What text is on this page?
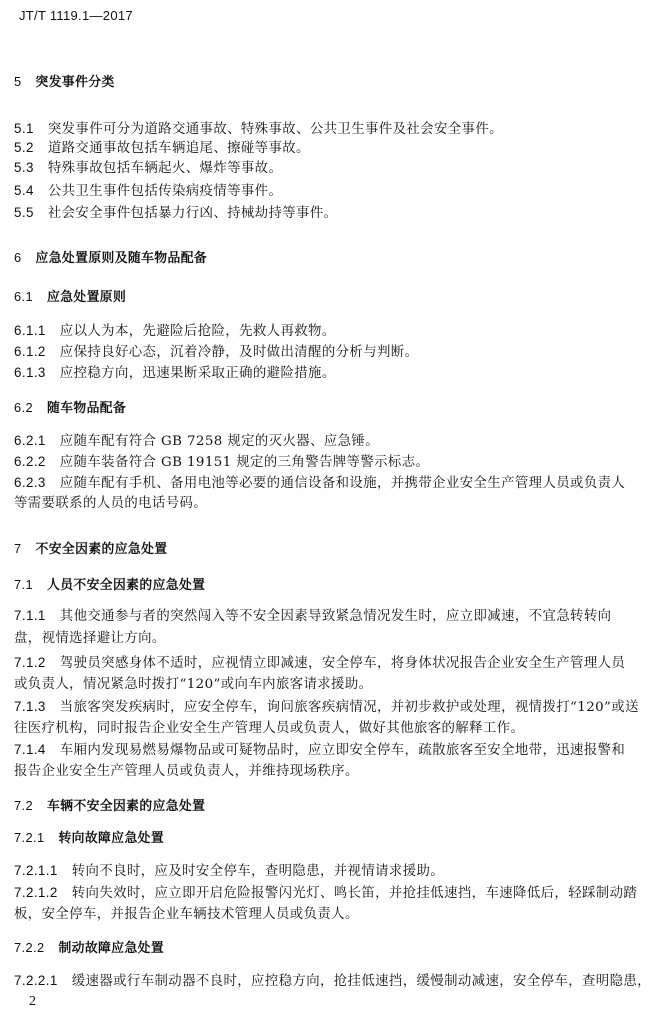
JT/T 1119.1—2017
5 突发事件分类
5.1 突发事件可分为道路交通事故、特殊事故、公共卫生事件及社会安全事件。
5.2 道路交通事故包括车辆追尾、擦碰等事故。
5.3 特殊事故包括车辆起火、爆炸等事故。
5.4 公共卫生事件包括传染病疫情等事件。
5.5 社会安全事件包括暴力行凶、持械劫持等事件。
6 应急处置原则及随车物品配备
6.1 应急处置原则
6.1.1 应以人为本，先避险后抢险，先救人再救物。
6.1.2 应保持良好心态，沉着冷静，及时做出清醒的分析与判断。
6.1.3 应控稳方向，迅速果断采取正确的避险措施。
6.2 随车物品配备
6.2.1 应随车配有符合 GB 7258 规定的灭火器、应急锤。
6.2.2 应随车装备符合 GB 19151 规定的三角警告牌等警示标志。
6.2.3 应随车配有手机、备用电池等必要的通信设备和设施，并携带企业安全生产管理人员或负责人
等需要联系的人员的电话号码。
7 不安全因素的应急处置
7.1 人员不安全因素的应急处置
7.1.1 其他交通参与者的突然闯入等不安全因素导致紧急情况发生时，应立即减速，不宜急转转向
盘，视情选择避让方向。
7.1.2 驾驶员突感身体不适时，应视情立即减速，安全停车，将身体状况报告企业安全生产管理人员
或负责人，情况紧急时拨打“120”或向车内旅客请求援助。
7.1.3 当旅客突发疾病时，应安全停车，询问旅客疾病情况，并初步救护或处理，视情拨打“120”或送
往医疗机构，同时报告企业安全生产管理人员或负责人，做好其他旅客的解释工作。
7.1.4 车厢内发现易燃易爆物品或可疑物品时，应立即安全停车，疏散旅客至安全地带，迅速报警和
报告企业安全生产管理人员或负责人，并维持现场秩序。
7.2 车辆不安全因素的应急处置
7.2.1 转向故障应急处置
7.2.1.1 转向不良时，应及时安全停车，查明隐患，并视情请求援助。
7.2.1.2 转向失效时，应立即开启危险报警闪光灯、鸣长笛，并抢挂低速挡，车速降低后，轻踩制动踏
板，安全停车，并报告企业车辆技术管理人员或负责人。
7.2.2 制动故障应急处置
7.2.2.1 缓速器或行车制动器不良时，应控稳方向，抢挂低速挡，缓慢制动减速，安全停车，查明隐患，
2
